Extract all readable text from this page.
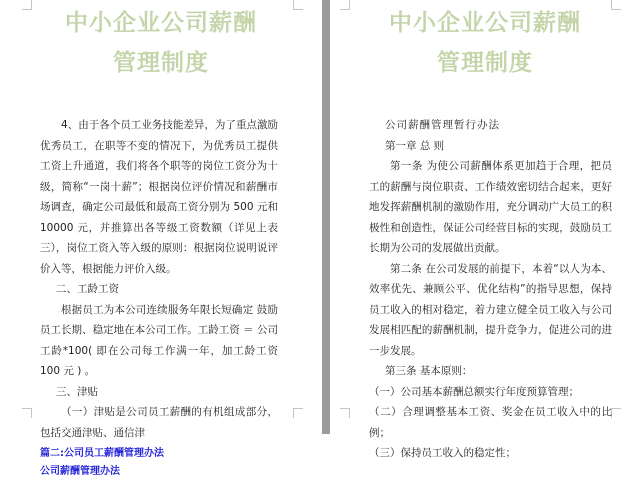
中小企业公司薪酬
管理制度

4、由于各个员工业务技能差异，为了重点激励优秀员工，在职等不变的情况下，为优秀员工提供工资上升通道，我们将各个职等的岗位工资分为十级，简称“一岗十薪”；根据岗位评价情况和薪酬市场调查，确定公司最低和最高工资分别为 500 元和 10000 元，并推算出各等级工资数额（详见上表三），岗位工资入等入级的原则：根据岗位说明说评价入等，根据能力评价入级。

二、工龄工资

根据员工为本公司连续服务年限长短确定 鼓励员工长期、稳定地在本公司工作。工龄工资 ＝ 公司工龄*100( 即在公司每工作满一年，加工龄工资 100 元 ) 。

三、津贴

（一）津贴是公司员工薪酬的有机组成部分，包括交通津贴、通信津

篇二:公司员工薪酬管理办法

公司薪酬管理办法

中小企业公司薪酬
管理制度

公司薪酬管理暂行办法

第一章 总 则

第一条 为使公司薪酬体系更加趋于合理，把员工的薪酬与岗位职责、工作绩效密切结合起来，更好地发挥薪酬机制的激励作用，充分调动广大员工的积极性和创造性，保证公司经营目标的实现，鼓励员工长期为公司的发展做出贡献。

第二条 在公司发展的前提下，本着“以人为本、效率优先、兼顾公平、优化结构”的指导思想，保持员工收入的相对稳定，着力建立健全员工收入与公司发展相匹配的薪酬机制，提升竞争力，促进公司的进一步发展。

第三条 基本原则：

（一）公司基本薪酬总额实行年度预算管理；

（二）合理调整基本工资、奖金在员工收入中的比例；

（三）保持员工收入的稳定性；
